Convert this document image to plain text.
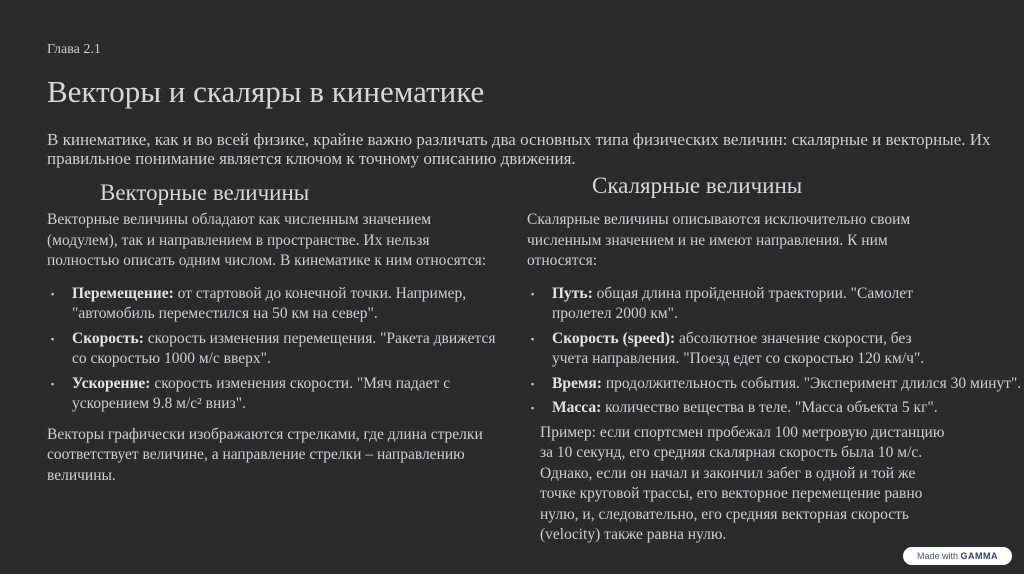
Глава 2.1
Векторы и скаляры в кинематике
В кинематике, как и во всей физике, крайне важно различать два основных типа физических величин: скалярные и векторные. Их правильное понимание является ключом к точному описанию движения.
Векторные величины	Скалярные величины

Векторные величины обладают как численным значением (модулем), так и направлением в пространстве. Их нельзя полностью описать одним числом. В кинематике к ним относятся:

▪ Перемещение: от стартовой до конечной точки. Например, "автомобиль переместился на 50 км на север".
▪ Скорость: скорость изменения перемещения. "Ракета движется со скоростью 1000 м/с вверх".
▪ Ускорение: скорость изменения скорости. "Мяч падает с ускорением 9.8 м/с² вниз".

Векторы графически изображаются стрелками, где длина стрелки соответствует величине, а направление стрелки – направлению величины.

Скалярные величины описываются исключительно своим
численным значением и не имеют направления. К ним
относятся:

▪ Путь: общая длина пройденной траектории. "Самолет
пролетел 2000 км".
▪ Скорость (speed): абсолютное значение скорости, без
учета направления. "Поезд едет со скоростью 120 км/ч".
▪ Время: продолжительность события. "Эксперимент длился 30 минут".
▪ Масса: количество вещества в теле. "Масса объекта 5 кг".

Пример: если спортсмен пробежал 100 метровую дистанцию
за 10 секунд, его средняя скалярная скорость была 10 м/с.
Однако, если он начал и закончил забег в одной и той же
точке круговой трассы, его векторное перемещение равно
нулю, и, следовательно, его средняя векторная скорость
(velocity) также равна нулю.

Made with GAMMA
